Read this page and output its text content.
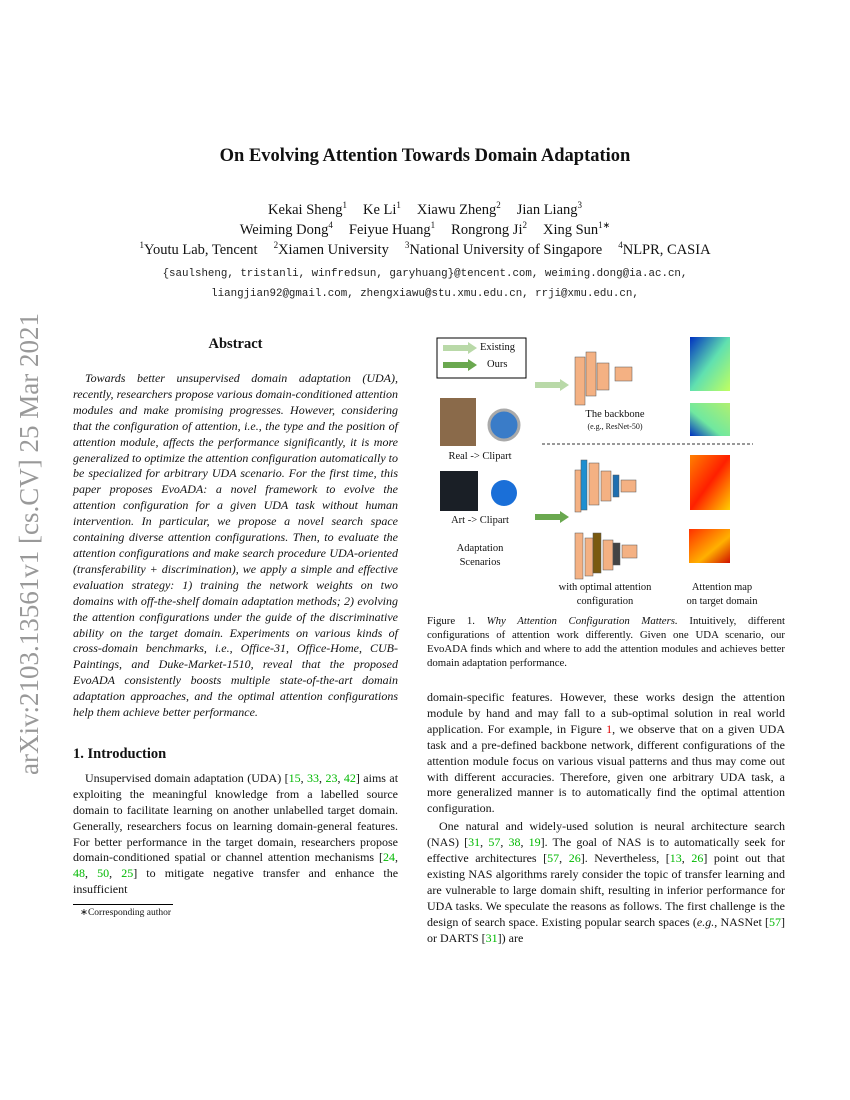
arXiv:2103.13561v1 [cs.CV] 25 Mar 2021
On Evolving Attention Towards Domain Adaptation
Kekai Sheng$^1$ Ke Li$^1$ Xiawu Zheng$^2$ Jian Liang$^3$
Weiming Dong$^4$ Feiyue Huang$^1$ Rongrong Ji$^2$ Xing Sun$^{1∗}$
$^1$Youtu Lab, Tencent $^2$Xiamen University $^3$National University of Singapore $^4$NLPR, CASIA
{saulsheng, tristanli, winfredsun, garyhuang}@tencent.com, weiming.dong@ia.ac.cn,
liangjian92@gmail.com, zhengxiawu@stu.xmu.edu.cn, rrji@xmu.edu.cn,
Abstract

Towards better unsupervised domain adaptation (UDA), recently, researchers propose various domain-conditioned attention modules and make promising progresses. However, considering that the configuration of attention, i.e., the type and the position of attention module, affects the performance significantly, it is more generalized to optimize the attention configuration automatically to be specialized for arbitrary UDA scenario. For the first time, this paper proposes EvoADA: a novel framework to evolve the attention configuration for a given UDA task without human intervention. In particular, we propose a novel search space containing diverse attention configurations. Then, to evaluate the attention configurations and make search procedure UDA-oriented (transferability + discrimination), we apply a simple and effective evaluation strategy: 1) training the network weights on two domains with off-the-shelf domain adaptation methods; 2) evolving the attention configurations under the guide of the discriminative ability on the target domain. Experiments on various kinds of cross-domain benchmarks, i.e., Office-31, Office-Home, CUB-Paintings, and Duke-Market-1510, reveal that the proposed EvoADA consistently boosts multiple state-of-the-art domain adaptation approaches, and the optimal attention configurations help them achieve better performance.

1. Introduction

Unsupervised domain adaptation (UDA) [15, 33, 23, 42] aims at exploiting the meaningful knowledge from a labelled source domain to facilitate learning on another unlabelled target domain. Generally, researchers focus on learning domain-general features. For better performance in the target domain, researchers propose domain-conditioned spatial or channel attention mechanisms [24, 48, 50, 25] to mitigate negative transfer and enhance the insufficient

∗Corresponding author
Existing
Ours
The backbone
(e.g., ResNet-50)
Real -> Clipart
Art -> Clipart
Adaptation
Scenarios
with optimal attention
configuration
Attention map
on target domain
Figure 1. Why Attention Configuration Matters. Intuitively, different configurations of attention work differently. Given one UDA scenario, our EvoADA finds which and where to add the attention modules and achieves better domain adaptation performance.

domain-specific features. However, these works design the attention module by hand and may fall to a sub-optimal solution in real world application. For example, in Figure 1, we observe that on a given UDA task and a pre-defined backbone network, different configurations of the attention module focus on various visual patterns and thus may come out with different accuracies. Therefore, given one arbitrary UDA task, a more generalized manner is to automatically find the optimal attention configuration.

One natural and widely-used solution is neural architecture search (NAS) [31, 57, 38, 19]. The goal of NAS is to automatically seek for effective architectures [57, 26]. Nevertheless, [13, 26] point out that existing NAS algorithms rarely consider the topic of transfer learning and are vulnerable to large domain shift, resulting in inferior performance for UDA tasks. We speculate the reasons as follows. The first challenge is the design of search space. Existing popular search spaces (e.g., NASNet [57] or DARTS [31]) are
